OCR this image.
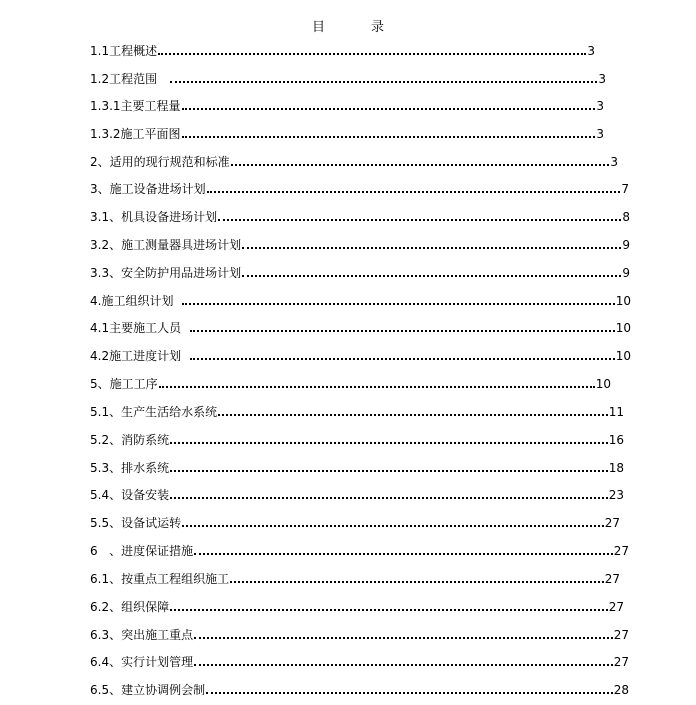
目	录
1.1工程概述	3
1.2工程范围	3
1.3.1主要工程量	3
1.3.2施工平面图	3
2、适用的现行规范和标准	3
3、施工设备进场计划	7
3.1、机具设备进场计划	8
3.2、施工测量器具进场计划	9
3.3、安全防护用品进场计划	9
4.施工组织计划	10
4.1主要施工人员	10
4.2施工进度计划	10
5、施工工序	10
5.1、生产生活给水系统	11
5.2、消防系统	16
5.3、排水系统	18
5.4、设备安装	23
5.5、设备试运转	27
6   、进度保证措施	27
6.1、按重点工程组织施工	27
6.2、组织保障	27
6.3、突出施工重点	27
6.4、实行计划管理	27
6.5、建立协调例会制	28
